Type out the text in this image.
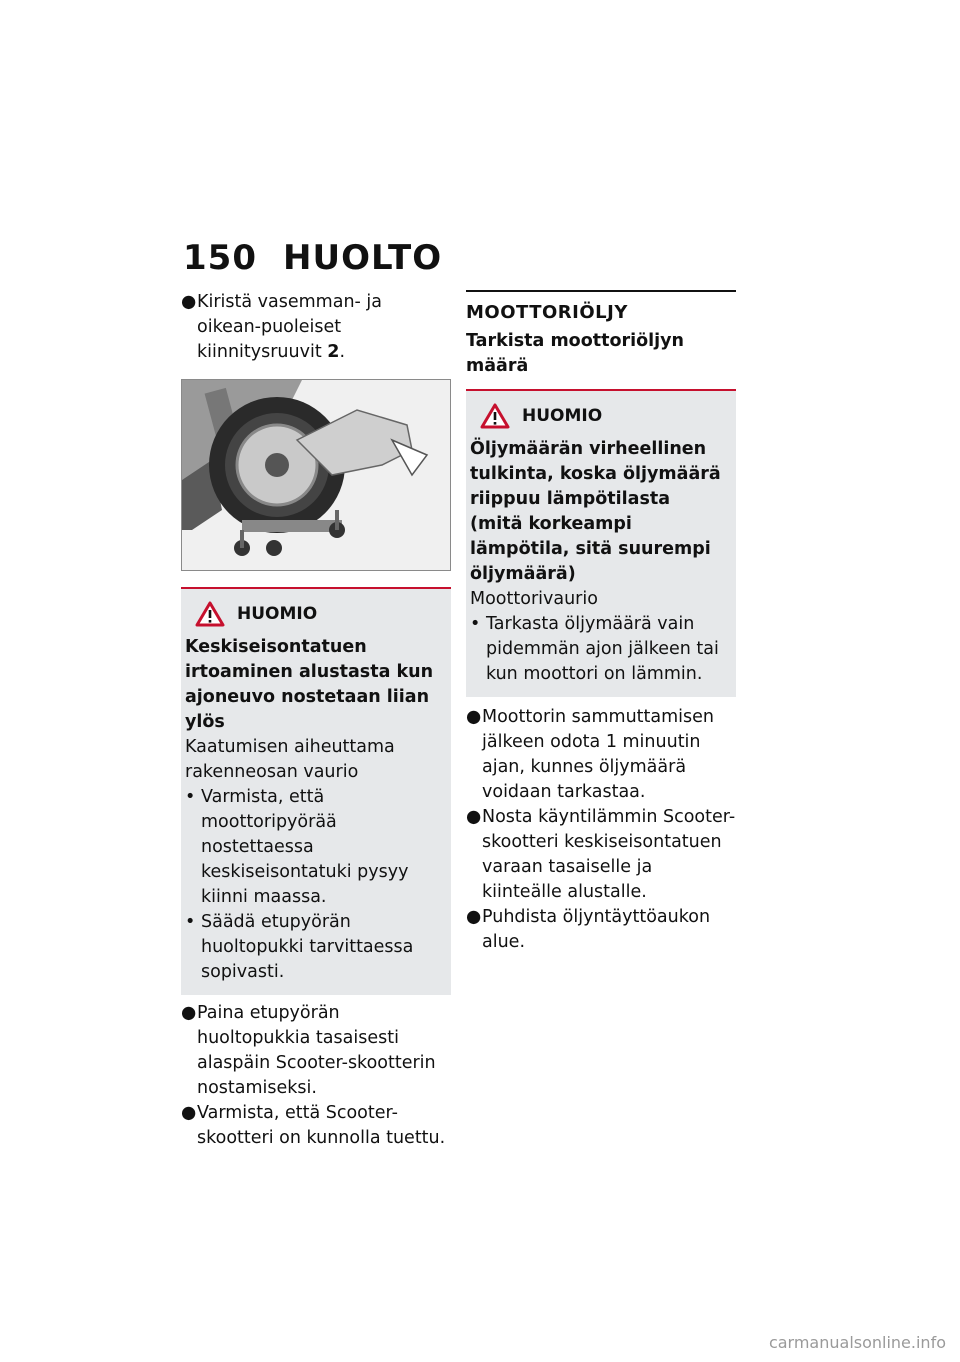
150 HUOLTO
● Kiristä vasemman- ja oikean-puoleiset kiinnitysruuvit 2.
HUOMIO
Keskiseisontatuen irtoaminen alustasta kun ajoneuvo nostetaan liian ylös
Kaatumisen aiheuttama rakenneosan vaurio
• Varmista, että moottoripyörää nostettaessa keskiseisontatuki pysyy kiinni maassa.
• Säädä etupyörän huoltopukki tarvittaessa sopivasti.
● Paina etupyörän huoltopukkia tasaisesti alaspäin Scooter-skootterin nostamiseksi.
● Varmista, että Scooter-skootteri on kunnolla tuettu.
MOOTTORIÖLJY
Tarkista moottoriöljyn määrä
HUOMIO
Öljymäärän virheellinen tulkinta, koska öljymäärä riippuu lämpötilasta (mitä korkeampi lämpötila, sitä suurempi öljymäärä)
Moottorivaurio
• Tarkasta öljymäärä vain pidemmän ajon jälkeen tai kun moottori on lämmin.
● Moottorin sammuttamisen jälkeen odota 1 minuutin ajan, kunnes öljymäärä voidaan tarkastaa.
● Nosta käyntilämmin Scooter-skootteri keskiseisontatuen varaan tasaiselle ja kiinteälle alustalle.
● Puhdista öljyntäyttöaukon alue.
carmanualsonline.info
